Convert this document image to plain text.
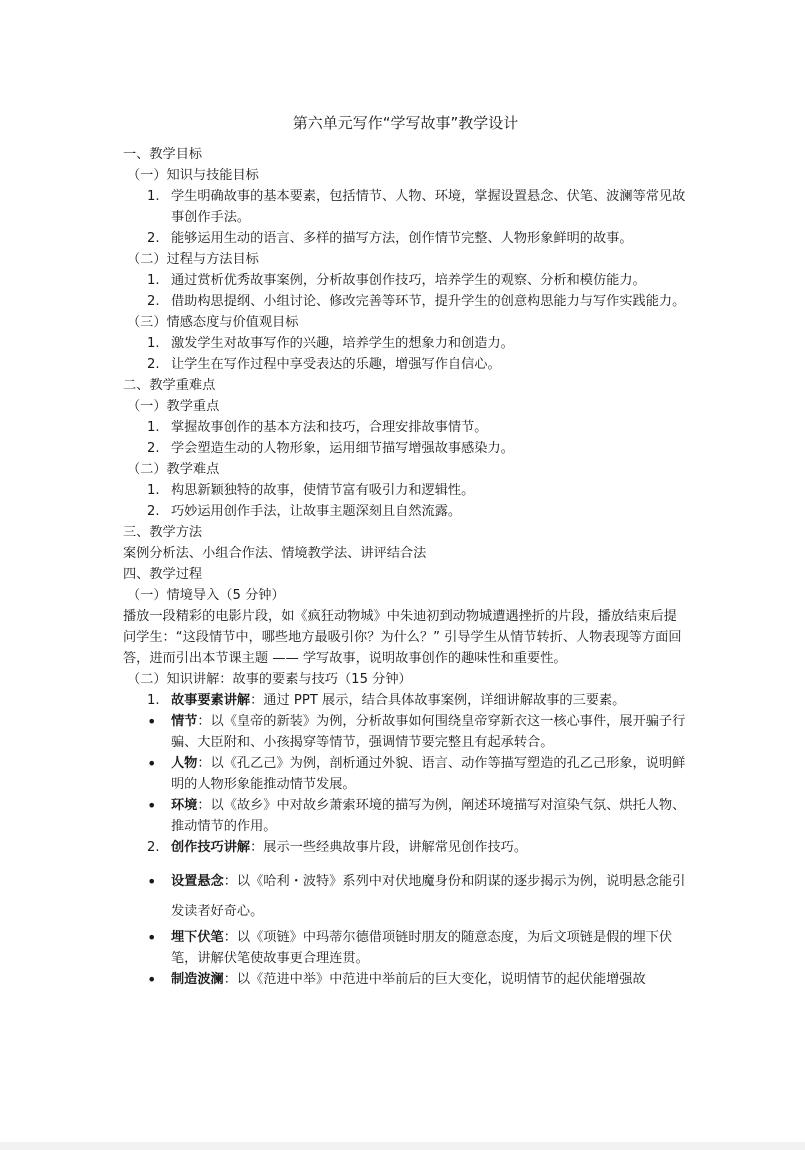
第六单元写作“学写故事”教学设计

一、教学目标

（一）知识与技能目标

1. 学生明确故事的基本要素，包括情节、人物、环境，掌握设置悬念、伏笔、波澜等常见故事创作手法。
2. 能够运用生动的语言、多样的描写方法，创作情节完整、人物形象鲜明的故事。

（二）过程与方法目标

1. 通过赏析优秀故事案例，分析故事创作技巧，培养学生的观察、分析和模仿能力。
2. 借助构思提纲、小组讨论、修改完善等环节，提升学生的创意构思能力与写作实践能力。

（三）情感态度与价值观目标

1. 激发学生对故事写作的兴趣，培养学生的想象力和创造力。
2. 让学生在写作过程中享受表达的乐趣，增强写作自信心。

二、教学重难点

（一）教学重点

1. 掌握故事创作的基本方法和技巧，合理安排故事情节。
2. 学会塑造生动的人物形象，运用细节描写增强故事感染力。

（二）教学难点

1. 构思新颖独特的故事，使情节富有吸引力和逻辑性。
2. 巧妙运用创作手法，让故事主题深刻且自然流露。

三、教学方法

案例分析法、小组合作法、情境教学法、讲评结合法

四、教学过程

（一）情境导入（5 分钟）

播放一段精彩的电影片段，如《疯狂动物城》中朱迪初到动物城遭遇挫折的片段，播放结束后提问学生：“这段情节中，哪些地方最吸引你？为什么？” 引导学生从情节转折、人物表现等方面回答，进而引出本节课主题 —— 学写故事，说明故事创作的趣味性和重要性。

（二）知识讲解：故事的要素与技巧（15 分钟）

1. 故事要素讲解：通过 PPT 展示，结合具体故事案例，详细讲解故事的三要素。
• 情节：以《皇帝的新装》为例，分析故事如何围绕皇帝穿新衣这一核心事件，展开骗子行骗、大臣附和、小孩揭穿等情节，强调情节要完整且有起承转合。
• 人物：以《孔乙己》为例，剖析通过外貌、语言、动作等描写塑造的孔乙己形象，说明鲜明的人物形象能推动情节发展。
• 环境：以《故乡》中对故乡萧索环境的描写为例，阐述环境描写对渲染气氛、烘托人物、推动情节的作用。
2. 创作技巧讲解：展示一些经典故事片段，讲解常见创作技巧。
• 设置悬念：以《哈利・波特》系列中对伏地魔身份和阴谋的逐步揭示为例，说明悬念能引发读者好奇心。
• 埋下伏笔：以《项链》中玛蒂尔德借项链时朋友的随意态度，为后文项链是假的埋下伏笔，讲解伏笔使故事更合理连贯。
• 制造波澜：以《范进中举》中范进中举前后的巨大变化，说明情节的起伏能增强故
